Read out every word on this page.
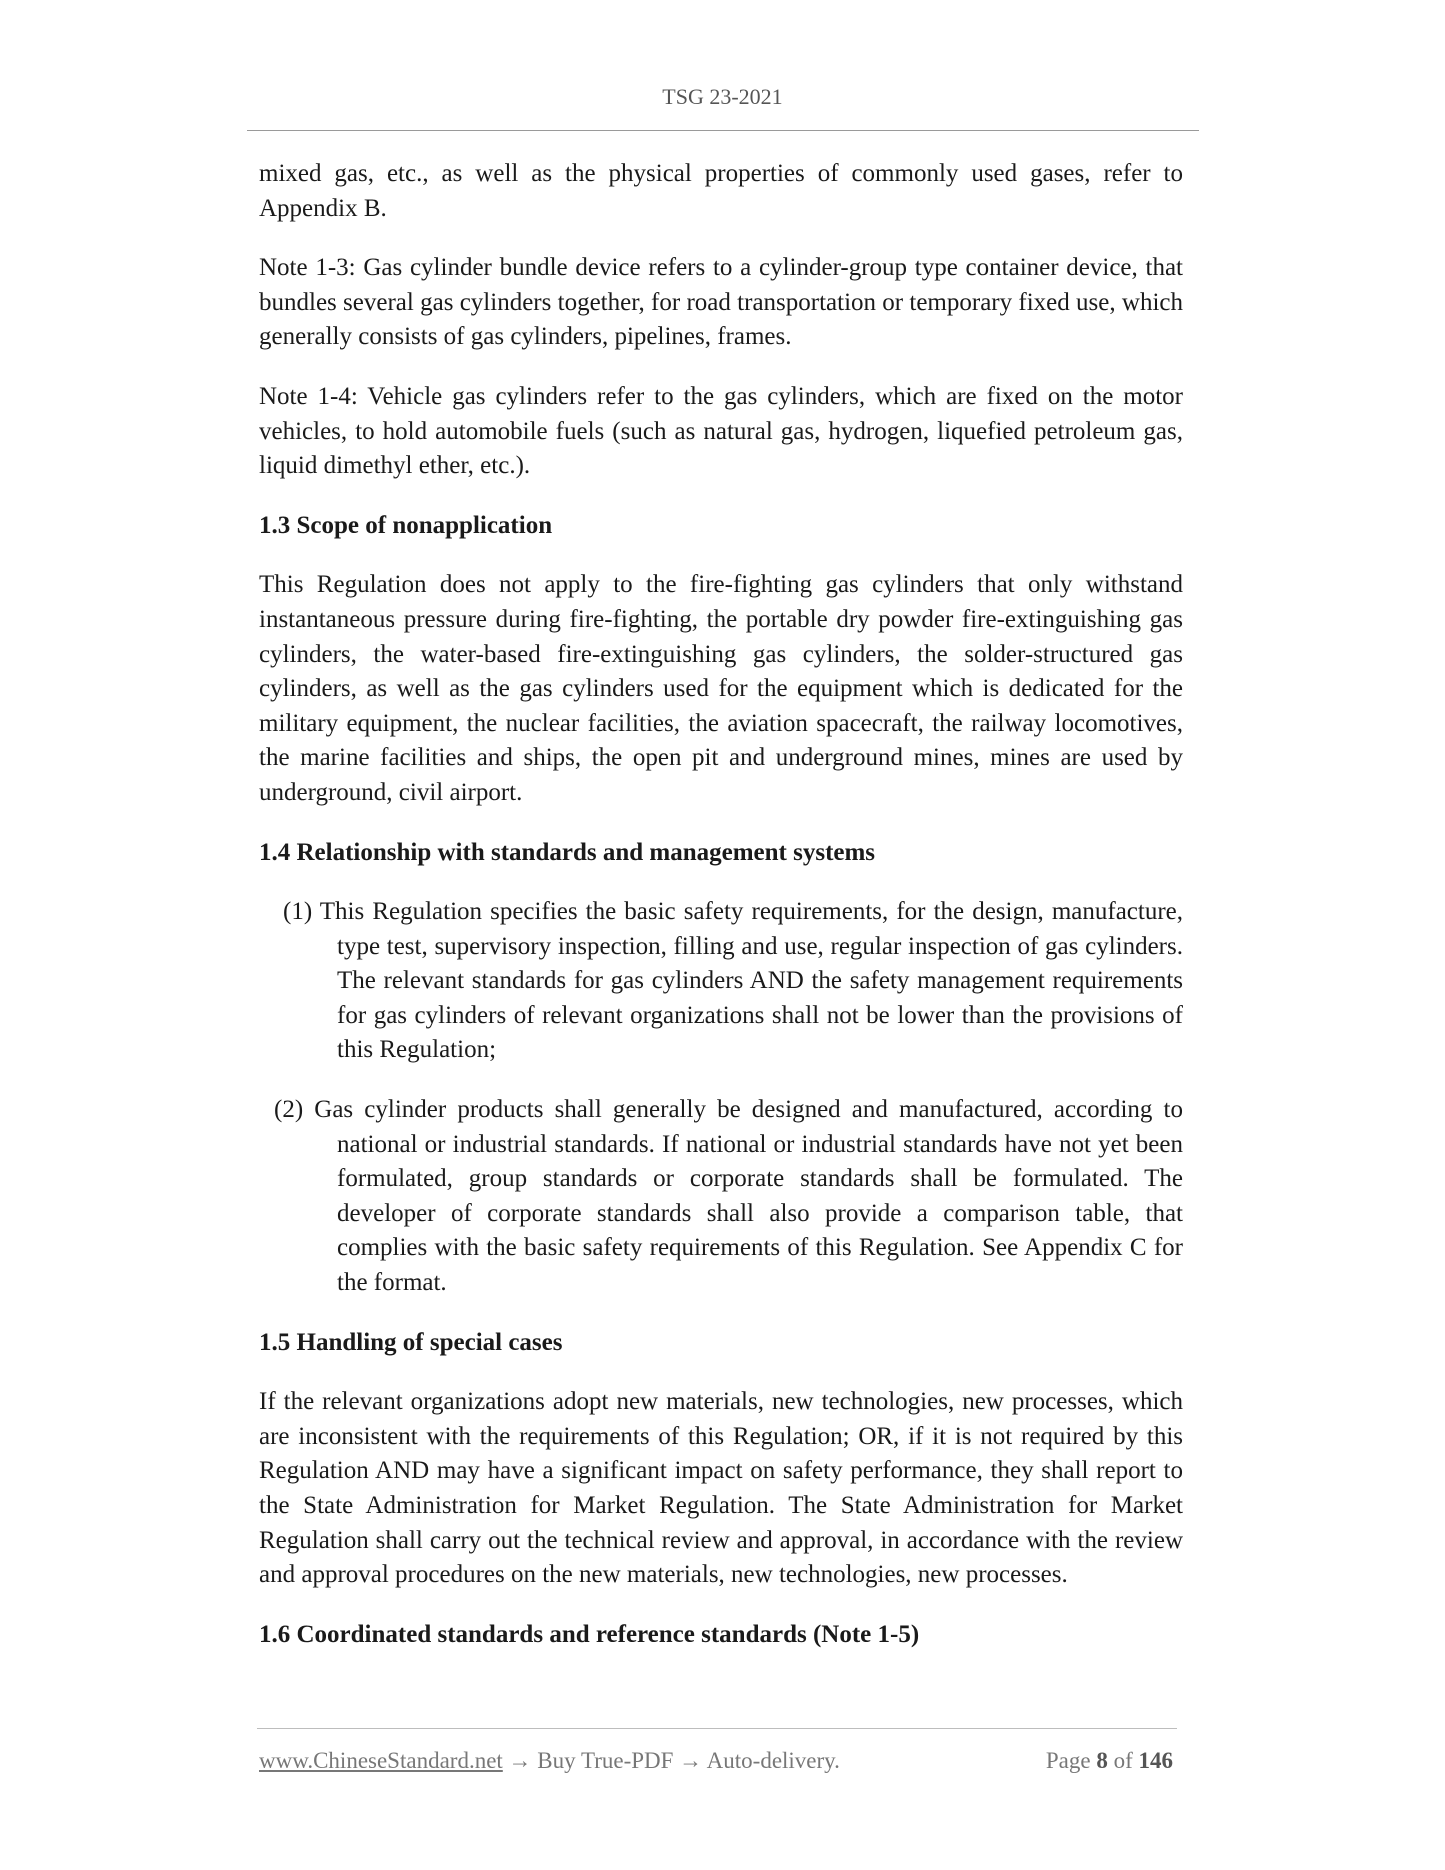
TSG 23-2021

mixed gas, etc., as well as the physical properties of commonly used gases, refer to Appendix B.

Note 1-3: Gas cylinder bundle device refers to a cylinder-group type container device, that bundles several gas cylinders together, for road transportation or temporary fixed use, which generally consists of gas cylinders, pipelines, frames.

Note 1-4: Vehicle gas cylinders refer to the gas cylinders, which are fixed on the motor vehicles, to hold automobile fuels (such as natural gas, hydrogen, liquefied petroleum gas, liquid dimethyl ether, etc.).

1.3 Scope of nonapplication

This Regulation does not apply to the fire-fighting gas cylinders that only withstand instantaneous pressure during fire-fighting, the portable dry powder fire-extinguishing gas cylinders, the water-based fire-extinguishing gas cylinders, the solder-structured gas cylinders, as well as the gas cylinders used for the equipment which is dedicated for the military equipment, the nuclear facilities, the aviation spacecraft, the railway locomotives, the marine facilities and ships, the open pit and underground mines, mines are used by underground, civil airport.

1.4 Relationship with standards and management systems

(1) This Regulation specifies the basic safety requirements, for the design, manufacture, type test, supervisory inspection, filling and use, regular inspection of gas cylinders. The relevant standards for gas cylinders AND the safety management requirements for gas cylinders of relevant organizations shall not be lower than the provisions of this Regulation;

(2) Gas cylinder products shall generally be designed and manufactured, according to national or industrial standards. If national or industrial standards have not yet been formulated, group standards or corporate standards shall be formulated. The developer of corporate standards shall also provide a comparison table, that complies with the basic safety requirements of this Regulation. See Appendix C for the format.

1.5 Handling of special cases

If the relevant organizations adopt new materials, new technologies, new processes, which are inconsistent with the requirements of this Regulation; OR, if it is not required by this Regulation AND may have a significant impact on safety performance, they shall report to the State Administration for Market Regulation. The State Administration for Market Regulation shall carry out the technical review and approval, in accordance with the review and approval procedures on the new materials, new technologies, new processes.

1.6 Coordinated standards and reference standards (Note 1-5)
www.ChineseStandard.net → Buy True-PDF → Auto-delivery.	Page 8 of 146
